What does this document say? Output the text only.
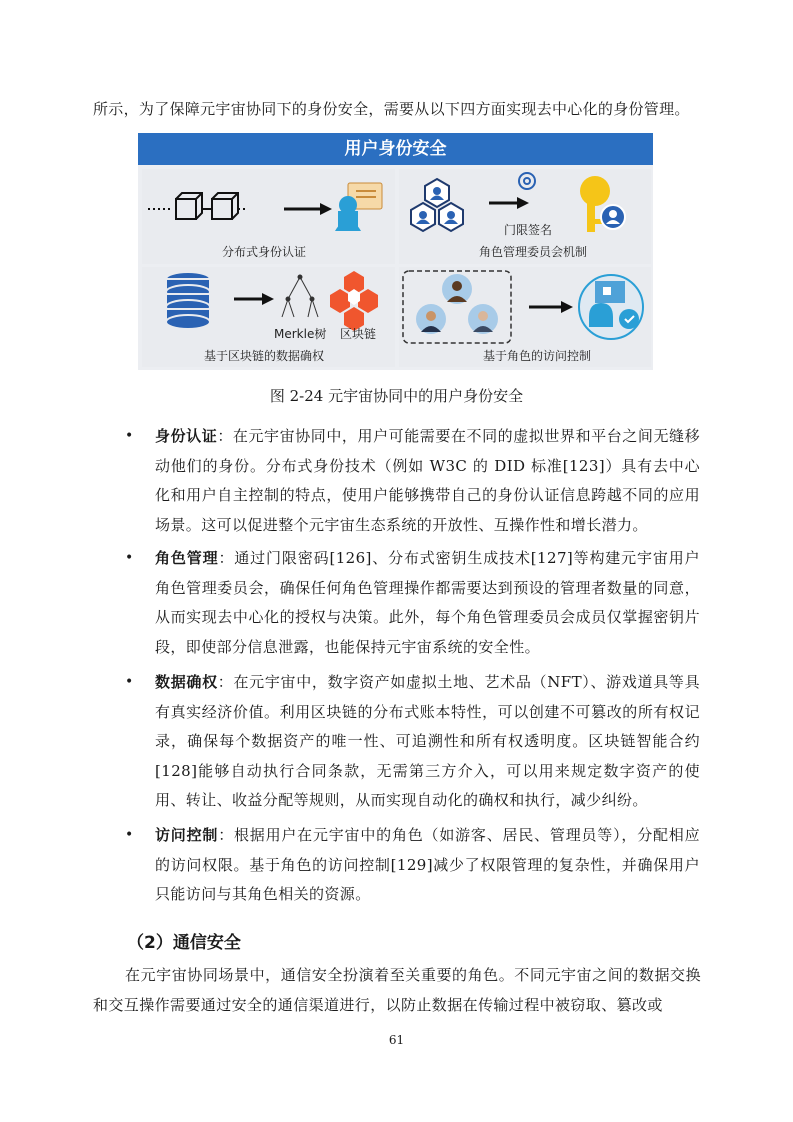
所示，为了保障元宇宙协同下的身份安全，需要从以下四方面实现去中心化的身份管理。
用户身份安全
分布式身份认证
门限签名
角色管理委员会机制
Merkle树 区块链
基于区块链的数据确权	基于角色的访问控制
图 2-24 元宇宙协同中的用户身份安全
• 身份认证：在元宇宙协同中，用户可能需要在不同的虚拟世界和平台之间无缝移动他们的身份。分布式身份技术（例如 W3C 的 DID 标准[123]）具有去中心化和用户自主控制的特点，使用户能够携带自己的身份认证信息跨越不同的应用场景。这可以促进整个元宇宙生态系统的开放性、互操作性和增长潜力。
• 角色管理：通过门限密码[126]、分布式密钥生成技术[127]等构建元宇宙用户角色管理委员会，确保任何角色管理操作都需要达到预设的管理者数量的同意，从而实现去中心化的授权与决策。此外，每个角色管理委员会成员仅掌握密钥片段，即使部分信息泄露，也能保持元宇宙系统的安全性。
• 数据确权：在元宇宙中，数字资产如虚拟土地、艺术品（NFT）、游戏道具等具有真实经济价值。利用区块链的分布式账本特性，可以创建不可篡改的所有权记录，确保每个数据资产的唯一性、可追溯性和所有权透明度。区块链智能合约[128]能够自动执行合同条款，无需第三方介入，可以用来规定数字资产的使用、转让、收益分配等规则，从而实现自动化的确权和执行，减少纠纷。
• 访问控制：根据用户在元宇宙中的角色（如游客、居民、管理员等），分配相应的访问权限。基于角色的访问控制[129]减少了权限管理的复杂性，并确保用户只能访问与其角色相关的资源。
（2）通信安全
在元宇宙协同场景中，通信安全扮演着至关重要的角色。不同元宇宙之间的数据交换和交互操作需要通过安全的通信渠道进行，以防止数据在传输过程中被窃取、篡改或
61
